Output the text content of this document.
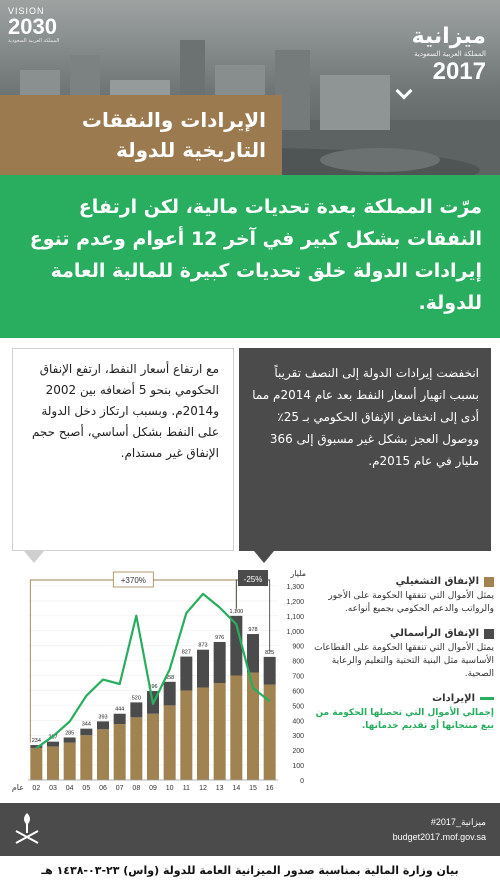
VISION
2030
المملكة العربية السعودية	ميزانية
المملكة العربية السعودية
2017
الإيرادات والنفقات
التاريخية للدولة

مرّت المملكة بعدة تحديات مالية، لكن ارتفاع النفقات بشكل كبير في آخر 12 أعوام وعدم تنوع إيرادات الدولة خلق تحديات كبيرة للمالية العامة للدولة.

مع ارتفاع أسعار النفط، ارتفع الإنفاق الحكومي بنحو 5 أضعافه بين 2002 و2014م. وبسبب ارتكاز دخل الدولة على النفط بشكل أساسي، أصبح حجم الإنفاق غير مستدام.

انخفضت إيرادات الدولة إلى النصف تقريباً بسبب انهيار أسعار النفط بعد عام 2014م مما أدى إلى انخفاض الإنفاق الحكومي بـ 25٪ ووصول العجز بشكل غير مسبوق إلى 366 مليار في عام 2015م.

0
100
200
300
400
500
600
700
800
900
1,000
1,100
1,200
1,300
مليار
234
02
257
03
285
04
344
05
393
06
444
07
520
08
596
09
658
10
827
11
873
12
976
13
1,100
14
978
15
825
16
عام
+370%	-25%	الإنفاق التشغيلي
يمثل الأموال التي تنفقها الحكومة على الأجور والرواتب والدعم الحكومي بجميع أنواعه.
الإنفاق الرأسمالي
يمثل الأموال التي تنفقها الحكومة على القطاعات الأساسية مثل البنية التحتية والتعليم والرعاية الصحية.
الإيرادات
إجمالي الأموال التي تحصلها الحكومة من بيع منتجاتها أو تقديم خدماتها.
#ميزانية_2017
budget2017.mof.gov.sa
بيان وزارة المالية بمناسبة صدور الميزانية العامة للدولة (واس) ٢٣-٠٣-١٤٣٨ هـ
